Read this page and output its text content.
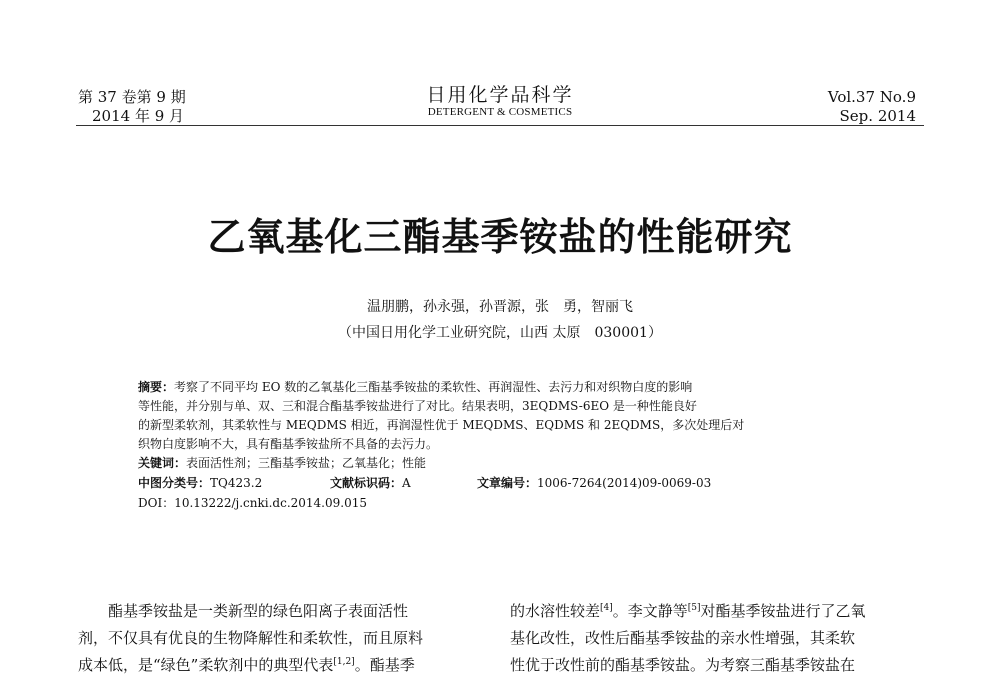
第 37 卷第 9 期
2014 年 9 月
日用化学品科学
DETERGENT & COSMETICS
Vol.37 No.9
Sep. 2014
乙氧基化三酯基季铵盐的性能研究
温朋鹏，孙永强，孙晋源，张　勇，智丽飞
（中国日用化学工业研究院，山西 太原　030001）

摘要：考察了不同平均 EO 数的乙氧基化三酯基季铵盐的柔软性、再润湿性、去污力和对织物白度的影响

等性能，并分别与单、双、三和混合酯基季铵盐进行了对比。结果表明，3EQDMS-6EO 是一种性能良好

的新型柔软剂，其柔软性与 MEQDMS 相近，再润湿性优于 MEQDMS、EQDMS 和 2EQDMS，多次处理后对

织物白度影响不大，具有酯基季铵盐所不具备的去污力。

关键词：表面活性剂；三酯基季铵盐；乙氧基化；性能
中图分类号：TQ423.2	文献标识码：A	文章编号：1006-7264(2014)09-0069-03
DOI：10.13222/j.cnki.dc.2014.09.015

酯基季铵盐是一类新型的绿色阳离子表面活性

剂，不仅具有优良的生物降解性和柔软性，而且原料

成本低，是“绿色”柔软剂中的典型代表[1,2]。酯基季

的水溶性较差[4]。李文静等[5]对酯基季铵盐进行了乙氧

基化改性，改性后酯基季铵盐的亲水性增强，其柔软

性优于改性前的酯基季铵盐。为考察三酯基季铵盐在
